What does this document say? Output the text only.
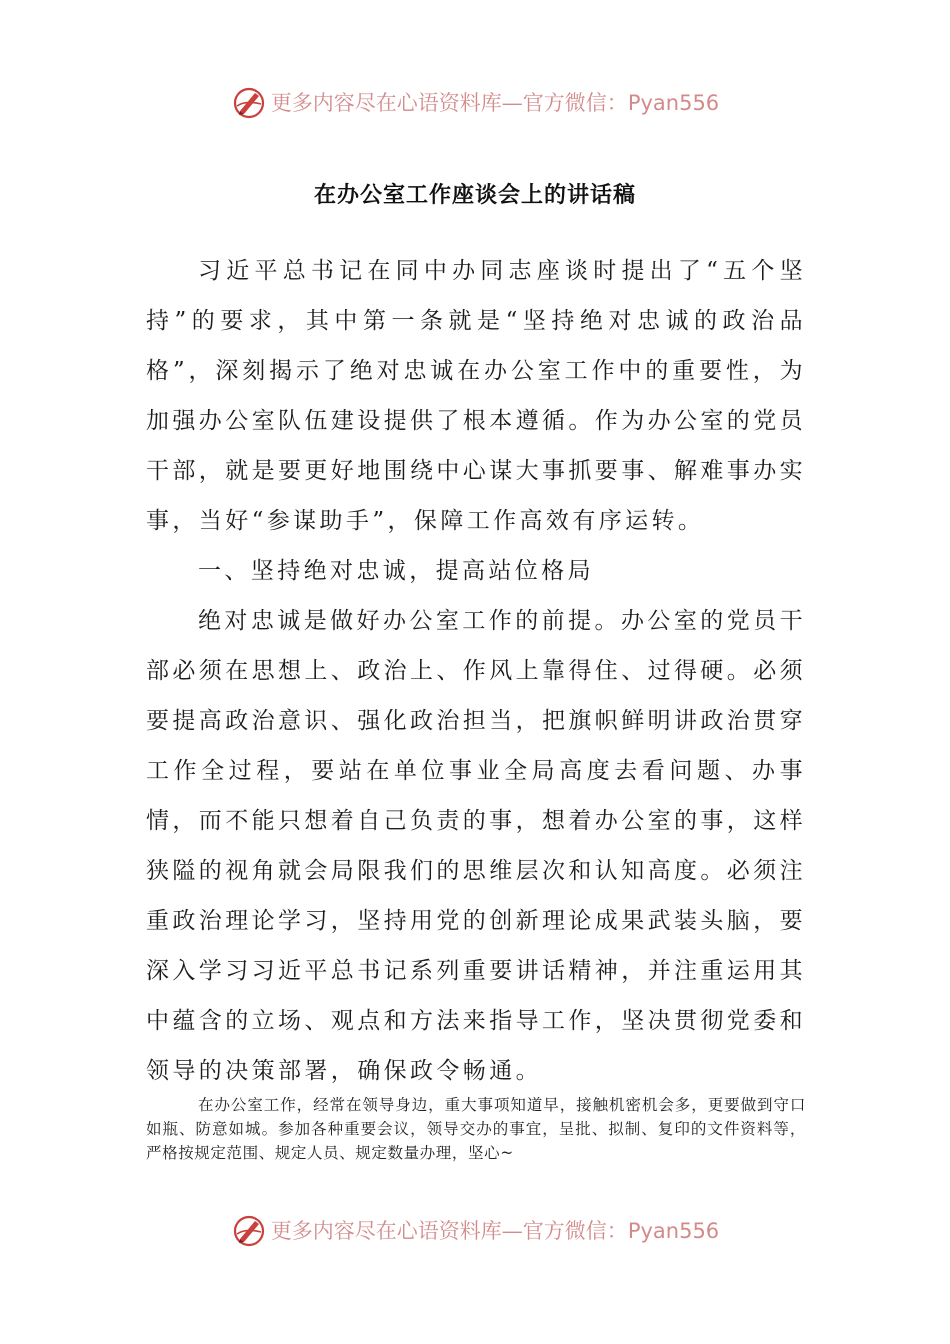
更多内容尽在心语资料库—官方微信：Pyan556
在办公室工作座谈会上的讲话稿

习近平总书记在同中办同志座谈时提出了“五个坚持”的要求，其中第一条就是“坚持绝对忠诚的政治品格”，深刻揭示了绝对忠诚在办公室工作中的重要性，为加强办公室队伍建设提供了根本遵循。作为办公室的党员干部，就是要更好地围绕中心谋大事抓要事、解难事办实事，当好“参谋助手”，保障工作高效有序运转。

一、坚持绝对忠诚，提高站位格局

绝对忠诚是做好办公室工作的前提。办公室的党员干部必须在思想上、政治上、作风上靠得住、过得硬。必须要提高政治意识、强化政治担当，把旗帜鲜明讲政治贯穿工作全过程，要站在单位事业全局高度去看问题、办事情，而不能只想着自己负责的事，想着办公室的事，这样狭隘的视角就会局限我们的思维层次和认知高度。必须注重政治理论学习，坚持用党的创新理论成果武装头脑，要深入学习习近平总书记系列重要讲话精神，并注重运用其中蕴含的立场、观点和方法来指导工作，坚决贯彻党委和领导的决策部署，确保政令畅通。

在办公室工作，经常在领导身边，重大事项知道早，接触机密机会多，更要做到守口如瓶、防意如城。参加各种重要会议，领导交办的事宜，呈批、拟制、复印的文件资料等，严格按规定范围、规定人员、规定数量办理，坚心~

更多内容尽在心语资料库—官方微信：Pyan556
